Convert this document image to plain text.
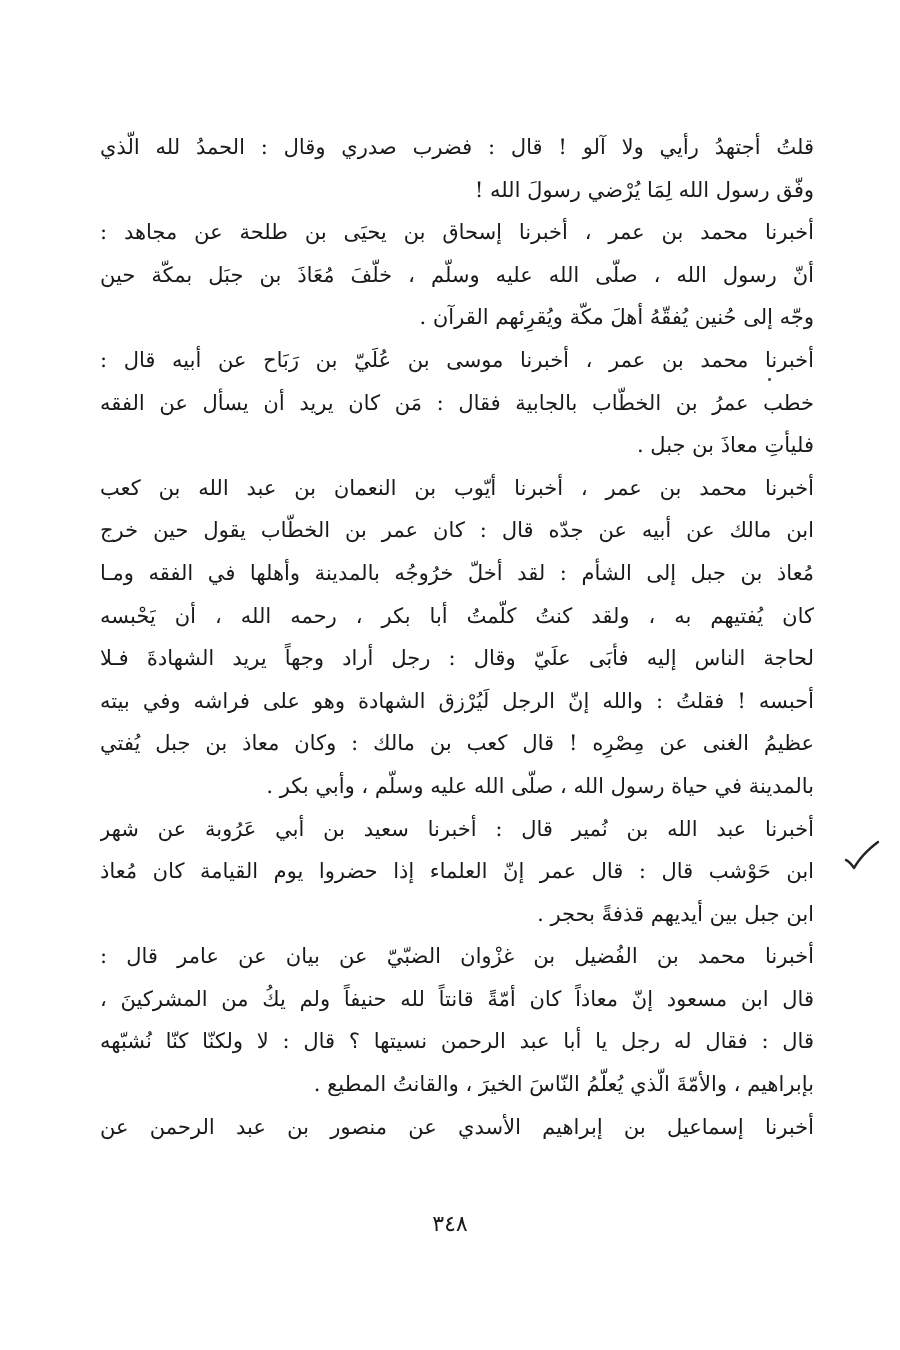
قلتُ أجتهدُ رأيي ولا آلو ! قال : فضرب صدري وقال : الحمدُ لله الّذي
وفّق رسول الله لِمَا يُرْضي رسولَ الله !
أخبرنا محمد بن عمر ، أخبرنا إسحاق بن يحيَى بن طلحة عن مجاهد :
أنّ رسول الله ، صلّى الله عليه وسلّم ، خلّفَ مُعَاذَ بن جبَل بمكّة حين
وجّه إلى حُنين يُفقّهُ أهلَ مكّة ويُقرِئهم القرآن .
أخبرنا محمد بن عمر ، أخبرنا موسى بن عُلَيّ بن رَبَاح عن أبيه قال :
خطب عمرُ بن الخطّاب بالجابية فقال : مَن كان يريد أن يسأل عن الفقه
فليأتِ معاذَ بن جبل .
أخبرنا محمد بن عمر ، أخبرنا أيّوب بن النعمان بن عبد الله بن كعب
ابن مالك عن أبيه عن جدّه قال : كان عمر بن الخطّاب يقول حين خرج
مُعاذ بن جبل إلى الشأم : لقد أخلّ خرُوجُه بالمدينة وأهلها في الفقه ومـا
كان يُفتيهم به ، ولقد كنتُ كلّمتُ أبا بكر ، رحمه الله ، أن يَحْبسه
لحاجة الناس إليه فأبَى علَيّ وقال : رجل أراد وجهاً يريد الشهادةَ فـلا
أحبسه ! فقلتُ : والله إنّ الرجل لَيُرْزق الشهادة وهو على فراشه وفي بيته
عظيمُ الغنى عن مِصْرِه ! قال كعب بن مالك : وكان معاذ بن جبل يُفتي
بالمدينة في حياة رسول الله ، صلّى الله عليه وسلّم ، وأبي بكر .
أخبرنا عبد الله بن نُمير قال : أخبرنا سعيد بن أبي عَرُوبة عن شهر
ابن حَوْشب قال : قال عمر إنّ العلماء إذا حضروا يوم القيامة كان مُعاذ
ابن جبل بين أيديهم قذفةً بحجر .
أخبرنا محمد بن الفُضيل بن غزْوان الضبّيّ عن بيان عن عامر قال :
قال ابن مسعود إنّ معاذاً كان أمّةً قانتاً لله حنيفاً ولم يكُ من المشركينَ ،
قال : فقال له رجل يا أبا عبد الرحمن نسيتها ؟ قال : لا ولكنّا كنّا نُشبّهه
بإبراهيم ، والأمّةَ الّذي يُعلّمُ النّاسَ الخيرَ ، والقانتُ المطيع .
أخبرنا إسماعيل بن إبراهيم الأسدي عن منصور بن عبد الرحمن عن
٣٤٨
